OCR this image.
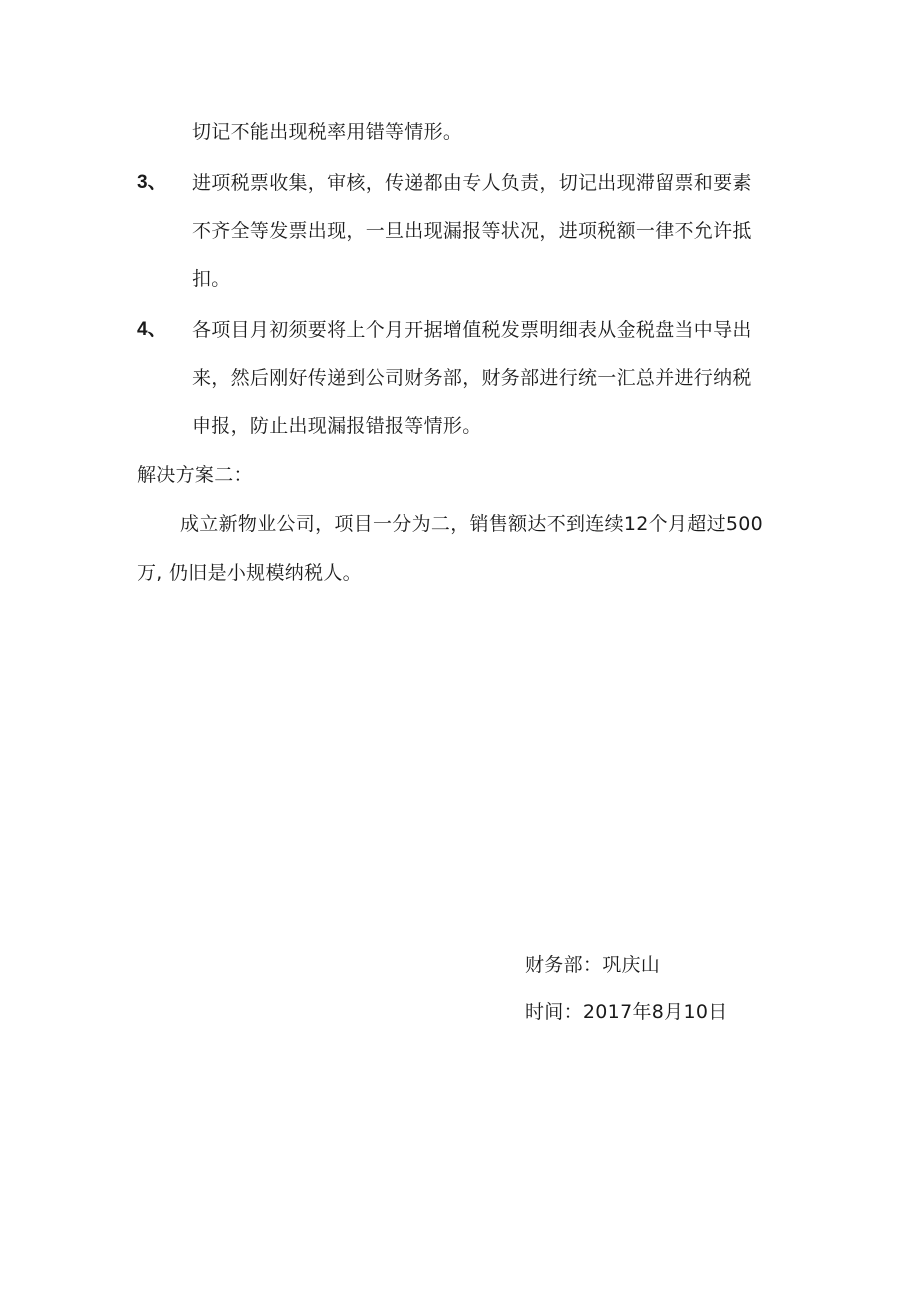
切记不能出现税率用错等情形。
3、 进项税票收集，审核，传递都由专人负责，切记出现滞留票和要素
不齐全等发票出现，一旦出现漏报等状况，进项税额一律不允许抵
扣。
4、 各项目月初须要将上个月开据增值税发票明细表从金税盘当中导出
来，然后刚好传递到公司财务部，财务部进行统一汇总并进行纳税
申报，防止出现漏报错报等情形。
解决方案二：
成立新物业公司，项目一分为二，销售额达不到连续12个月超过500
万, 仍旧是小规模纳税人。
财务部：巩庆山
时间：2017年8月10日
